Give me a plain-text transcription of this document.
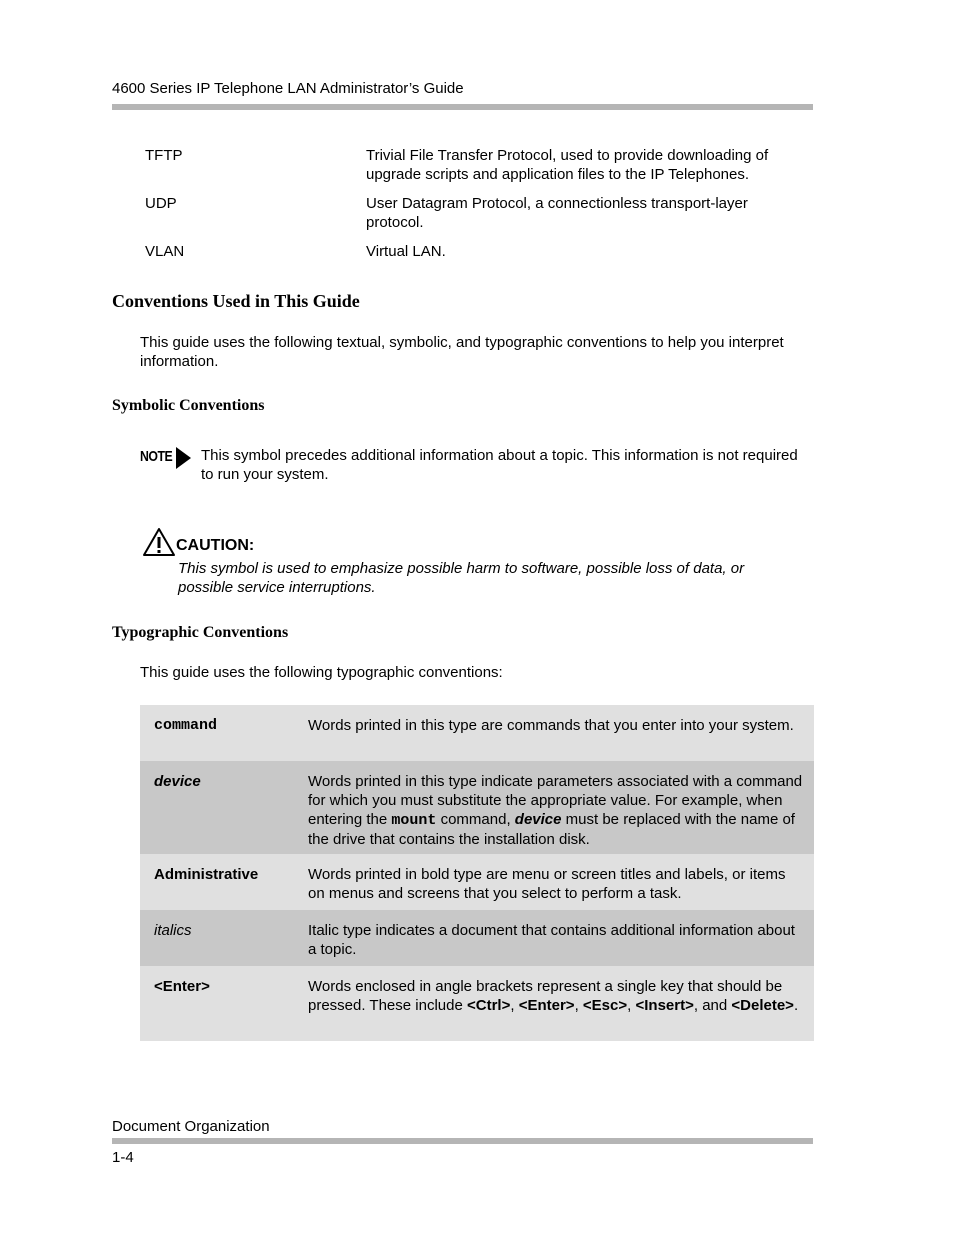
4600 Series IP Telephone LAN Administrator’s Guide
TFTP	Trivial File Transfer Protocol, used to provide downloading of upgrade scripts and application files to the IP Telephones.
UDP	User Datagram Protocol, a connectionless transport-layer protocol.
VLAN	Virtual LAN.
Conventions Used in This Guide
This guide uses the following textual, symbolic, and typographic conventions to help you interpret information.
Symbolic Conventions
NOTE This symbol precedes additional information about a topic. This information is not required to run your system.
CAUTION:
This symbol is used to emphasize possible harm to software, possible loss of data, or possible service interruptions.
Typographic Conventions
This guide uses the following typographic conventions:
command	Words printed in this type are commands that you enter into your system.
device	Words printed in this type indicate parameters associated with a command for which you must substitute the appropriate value. For example, when entering the mount command, device must be replaced with the name of the drive that contains the installation disk.
Administrative	Words printed in bold type are menu or screen titles and labels, or items on menus and screens that you select to perform a task.
italics	Italic type indicates a document that contains additional information about a topic.
<Enter>	Words enclosed in angle brackets represent a single key that should be pressed. These include <Ctrl>, <Enter>, <Esc>, <Insert>, and <Delete>.
Document Organization
1-4
